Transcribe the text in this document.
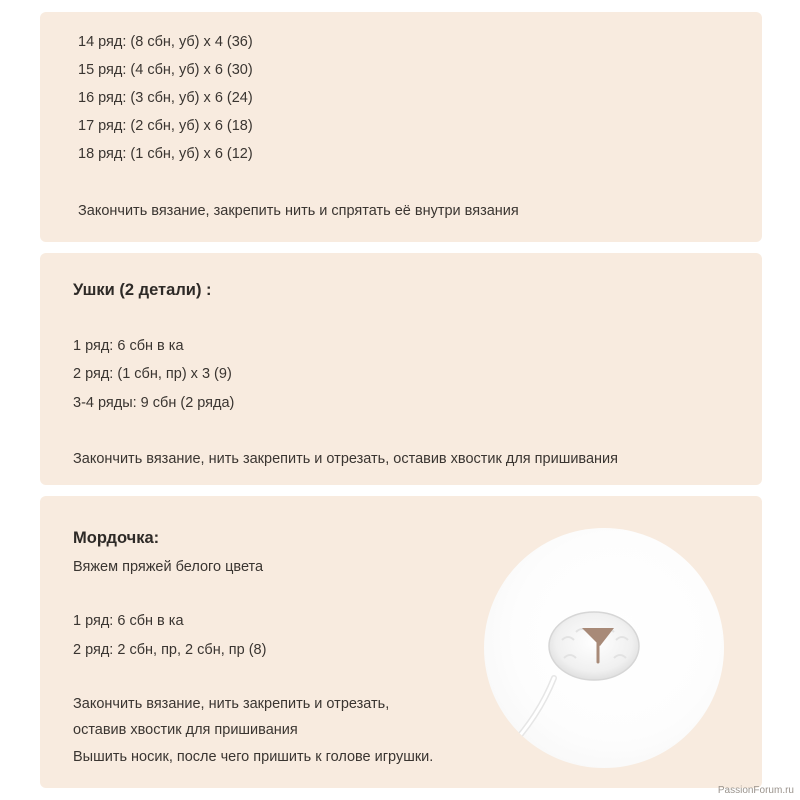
14 ряд: (8 сбн, уб) х 4 (36)
15 ряд: (4 сбн, уб) х 6 (30)
16 ряд: (3 сбн, уб) х 6 (24)
17 ряд: (2 сбн, уб) х 6 (18)
18 ряд: (1 сбн, уб) х 6 (12)
Закончить вязание, закрепить нить и спрятать её внутри вязания
Ушки (2 детали) :
1 ряд: 6 сбн в ка
2 ряд: (1 сбн, пр) х 3 (9)
3-4 ряды: 9 сбн (2 ряда)
Закончить вязание, нить закрепить и отрезать, оставив хвостик для пришивания
Мордочка:
Вяжем пряжей белого цвета
1 ряд: 6 сбн в ка
2 ряд: 2 сбн, пр, 2 сбн, пр (8)
Закончить вязание, нить закрепить и отрезать,
оставив хвостик для пришивания
Вышить носик, после чего пришить к голове игрушки.
PassionForum.ru
